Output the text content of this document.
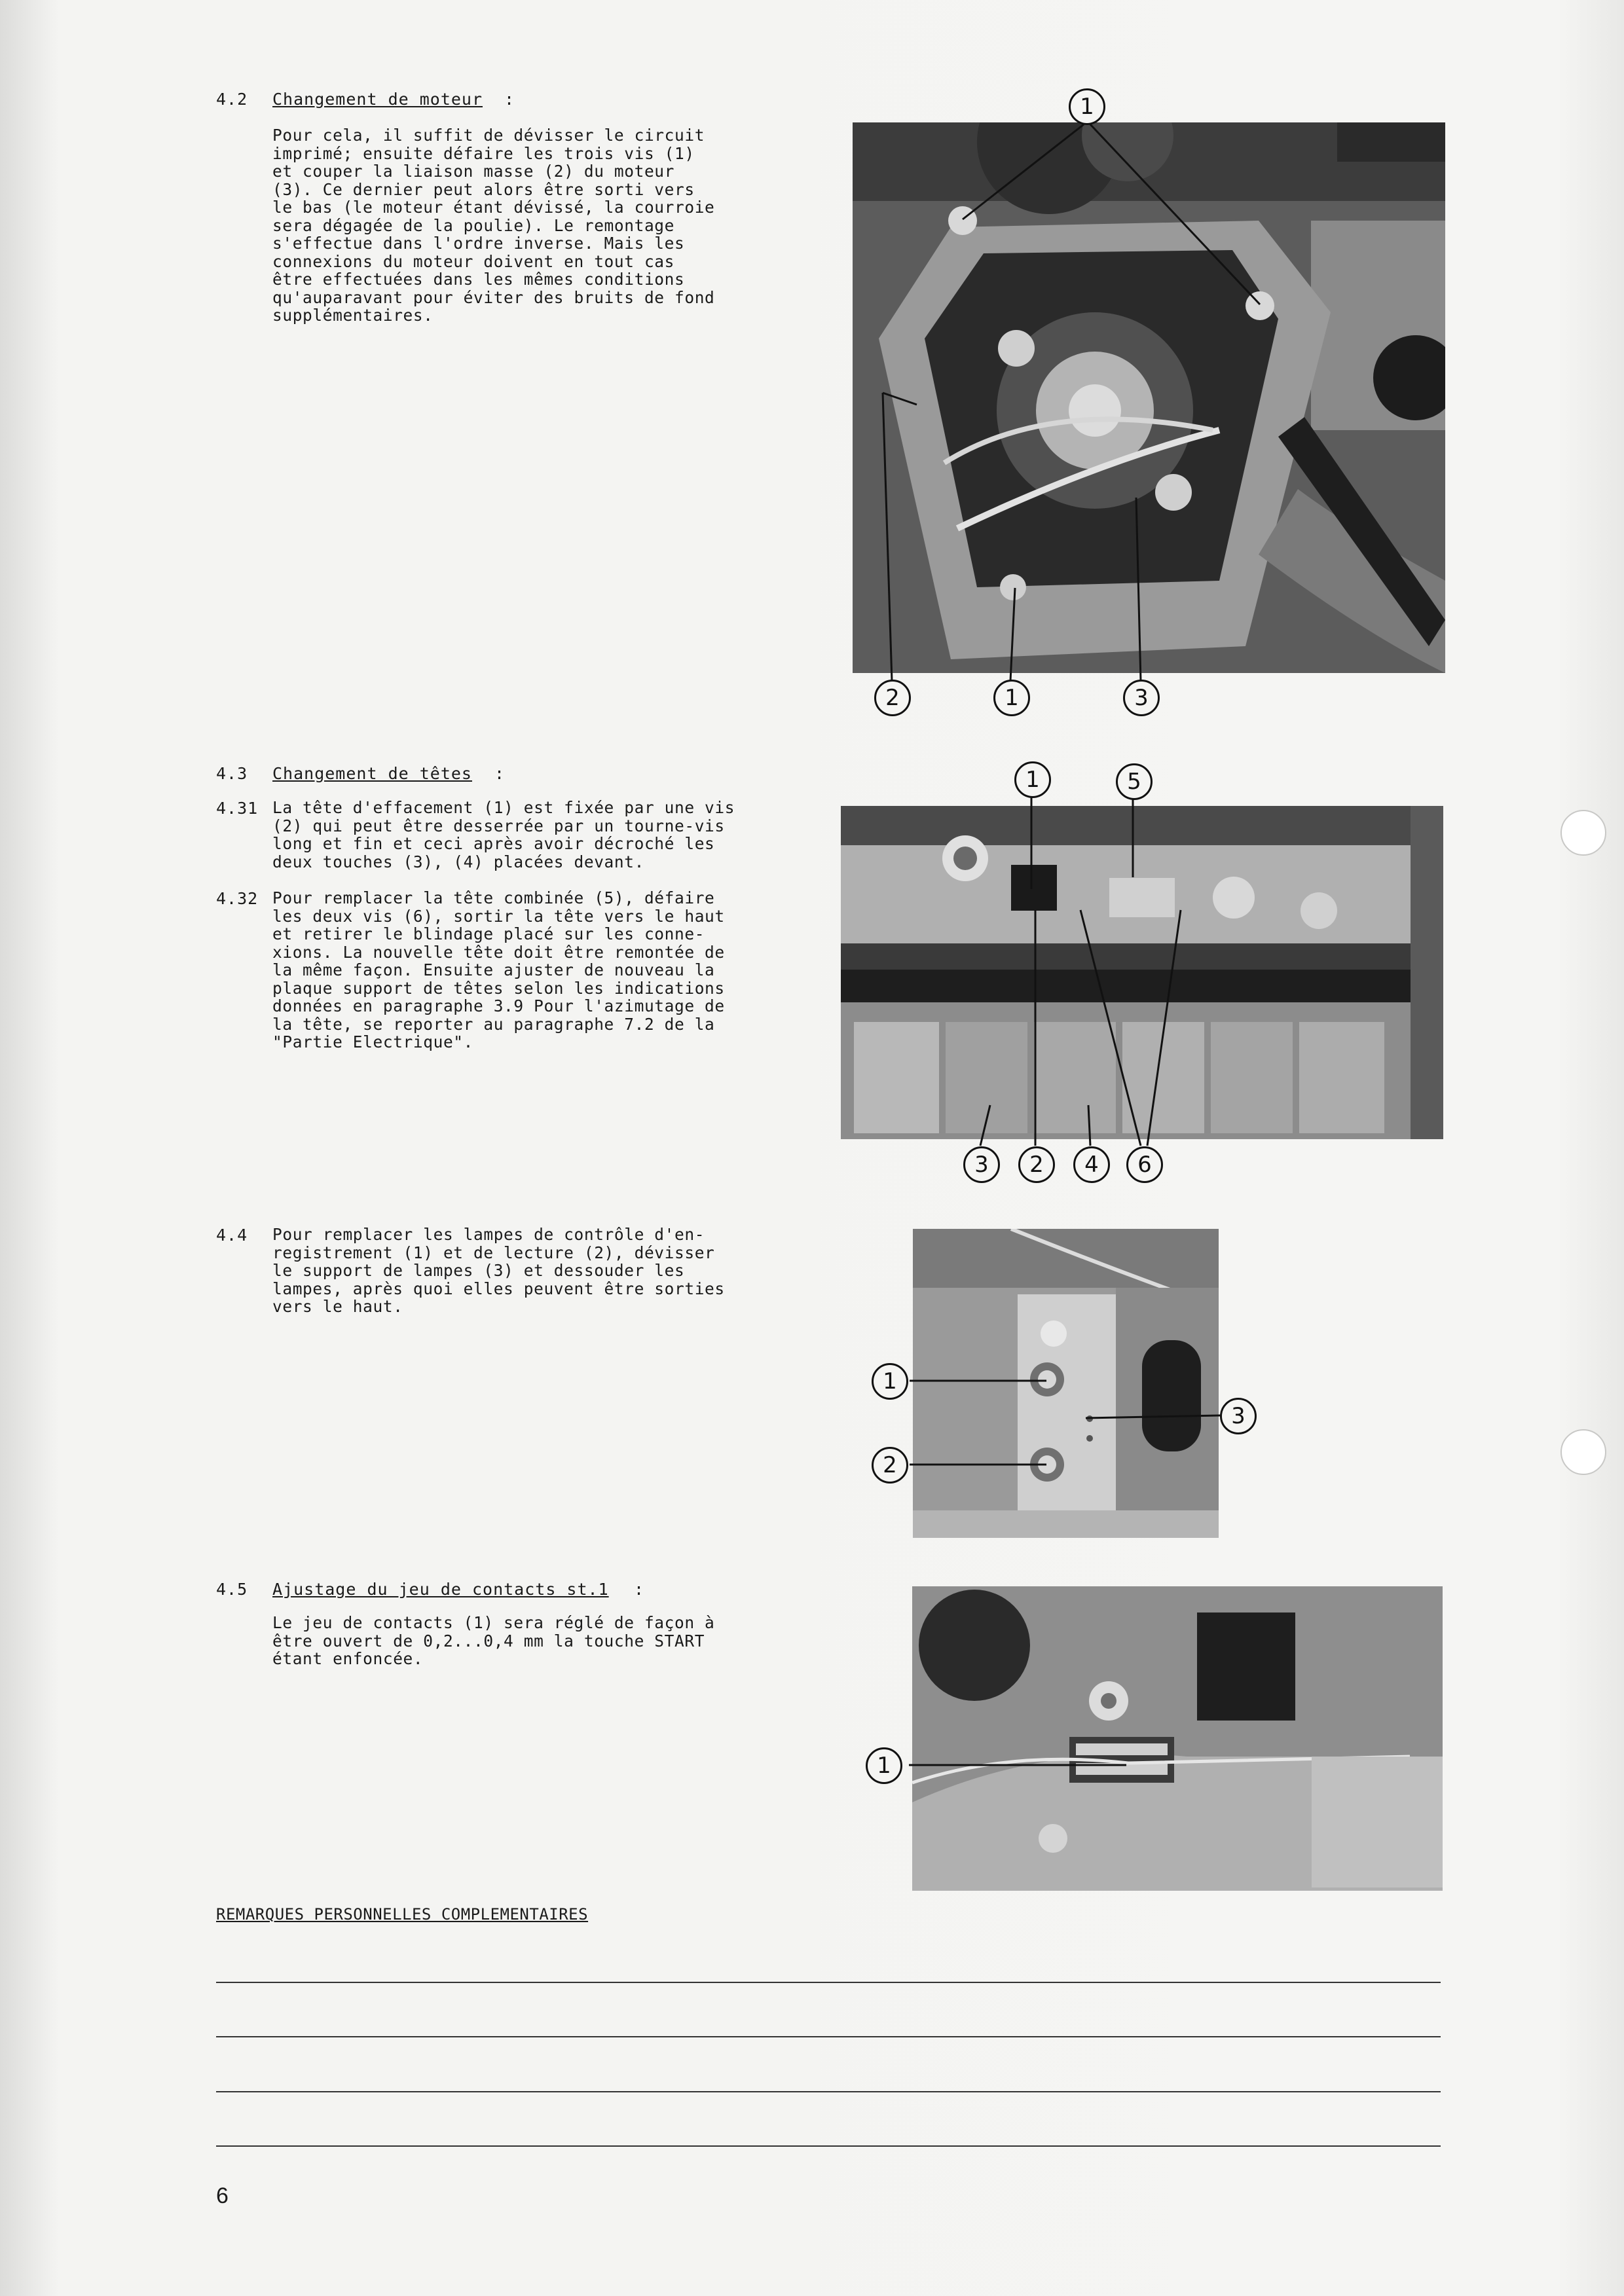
4.2 Changement de moteur :
Pour cela, il suffit de dévisser le circuit
imprimé; ensuite défaire les trois vis (1)
et couper la liaison masse (2) du moteur
(3). Ce dernier peut alors être sorti vers
le bas (le moteur étant dévissé, la courroie
sera dégagée de la poulie). Le remontage
s'effectue dans l'ordre inverse. Mais les
connexions du moteur doivent en tout cas
être effectuées dans les mêmes conditions
qu'auparavant pour éviter des bruits de fond
supplémentaires.
4.3 Changement de têtes :
4.31 La tête d'effacement (1) est fixée par une vis
(2) qui peut être desserrée par un tourne-vis
long et fin et ceci après avoir décroché les
deux touches (3), (4) placées devant.
4.32 Pour remplacer la tête combinée (5), défaire
les deux vis (6), sortir la tête vers le haut
et retirer le blindage placé sur les conne-
xions. La nouvelle tête doit être remontée de
la même façon. Ensuite ajuster de nouveau la
plaque support de têtes selon les indications
données en paragraphe 3.9 Pour l'azimutage de
la tête, se reporter au paragraphe 7.2 de la
"Partie Electrique".
4.4 Pour remplacer les lampes de contrôle d'en-
registrement (1) et de lecture (2), dévisser
le support de lampes (3) et dessouder les
lampes, après quoi elles peuvent être sorties
vers le haut.
4.5 Ajustage du jeu de contacts st.1 :
Le jeu de contacts (1) sera réglé de façon à
être ouvert de 0,2...0,4 mm la touche START
étant enfoncée.
1
2	1	3
1	5
3	2	4	6
1
2
3
1
REMARQUES PERSONNELLES COMPLEMENTAIRES
6
